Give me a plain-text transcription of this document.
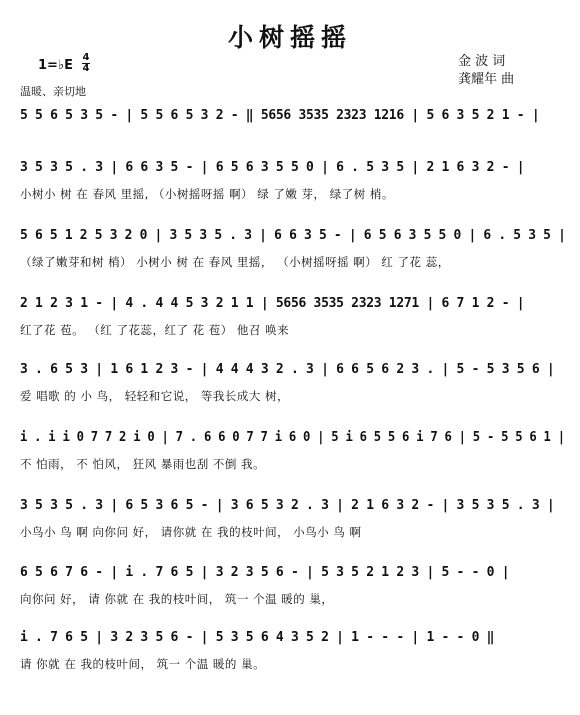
小树摇摇
金 波 词
龚耀年 曲
1=♭E
4
4
温暖、亲切地
5 5 6 5 3 5 - | 5 5 6 5 3 2 - ‖ 5656 3535 2323 1216 | 5 6 3 5 2 1 - |
3 5 3 5 . 3 | 6 6 3 5 - | 6 5 6 3 5 5 0 | 6 . 5 3 5 | 2 1 6 3 2 - |
小树小 树 在 春风 里摇, （小树摇呀摇 啊） 绿 了嫩 芽， 绿了树 梢。
5 6 5 1 2 5 3 2 0 | 3 5 3 5 . 3 | 6 6 3 5 - | 6 5 6 3 5 5 0 | 6 . 5 3 5 |
（绿了嫩芽和树 梢） 小树小 树 在 春风 里摇， （小树摇呀摇 啊） 红 了花 蕊，
2 1 2 3 1 - | 4 . 4 4 5 3 2 1 1 | 5656 3535 2323 1271 | 6 7 1 2 - |
红了花 苞。 （红 了花蕊，红了 花 苞） 他召 唤来
3 . 6 5 3 | 1 6 1 2 3 - | 4 4 4 3 2 . 3 | 6 6 5 6 2 3 . | 5 - 5 3 5 6 |
爱 唱歌 的 小 鸟， 轻轻和它说， 等我长成大 树，
i . i i 0 7 7 2 i 0 | 7 . 6 6 0 7 7 i 6 0 | 5 i 6 5 5 6 i 7 6 | 5 - 5 5 6 1 |
不 怕雨， 不 怕风， 狂风 暴雨也刮 不倒 我。
3 5 3 5 . 3 | 6 5 3 6 5 - | 3 6 5 3 2 . 3 | 2 1 6 3 2 - | 3 5 3 5 . 3 |
小鸟小 鸟 啊 向你问 好， 请你就 在 我的枝叶间， 小鸟小 鸟 啊
6 5 6 7 6 - | i . 7 6 5 | 3 2 3 5 6 - | 5 3 5 2 1 2 3 | 5 - - 0 |
向你问 好， 请 你就 在 我的枝叶间， 筑一 个温 暖的 巢，
i . 7 6 5 | 3 2 3 5 6 - | 5 3 5 6 4 3 5 2 | 1 - - - | 1 - - 0 ‖
请 你就 在 我的枝叶间， 筑一 个温 暖的 巢。
